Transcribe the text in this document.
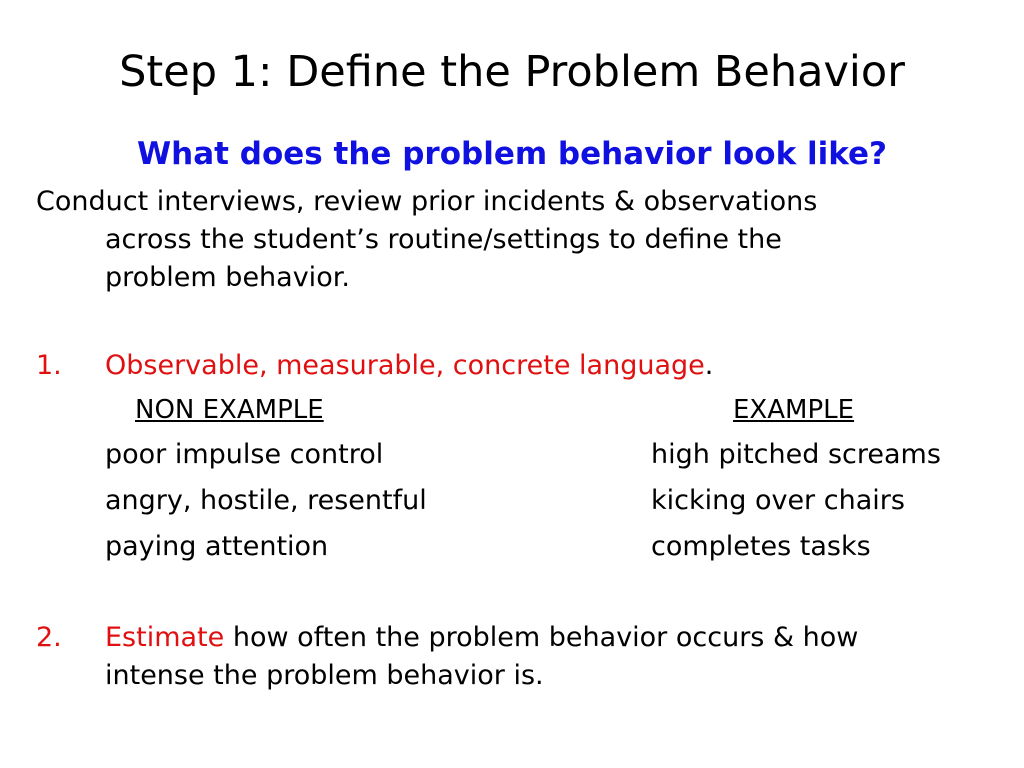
Step 1: Define the Problem Behavior
What does the problem behavior look like?
Conduct interviews, review prior incidents & observations
across the student’s routine/settings to define the
problem behavior.
1. Observable, measurable, concrete language.
NON EXAMPLE	EXAMPLE
poor impulse control	high pitched screams
angry, hostile, resentful	kicking over chairs
paying attention	completes tasks
2. Estimate how often the problem behavior occurs & how
intense the problem behavior is.
